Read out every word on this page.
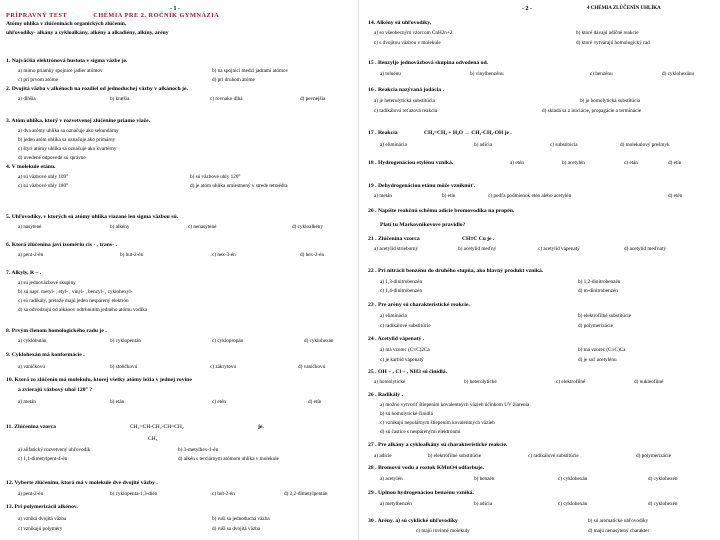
- 1 -
PRÍPRAVNÝ TEST	CHÉMIA PRE 2. ROČNÍK GYMNÁZIA
Atómy uhlíka v zlúčeninách organických zlúčenín,
uhľovodíky- alkány a cykloalkány, alkény a alkadiény, alkíny, arény
1. Najväčšia elektrónová hustota v sigma väzbe je.
a) mimo priamky spojnice jadier atómov	b) na spojnici medzi jadrami atómov
c) pri prvom atóme	d) pri druhom atóme
2. Dvojitá väzba v alkénoch na rozdiel od jednoduchej väzby v alkánoch je.
a) dlhšia	b) kratšia	c) rovnako dlhá	d) pevnejšia
3. Atóm uhlíka, ktorý v rozvetvenej zlúčenine priamo viaže.
a) dva atómy uhlíka sa označuje ako sekundárny
b) jeden atóm uhlíka sa označuje ako primárny
c) štyri atómy uhlíka sa označuje ako kvartérny
d) uvedené odpovede sú správne
4. V molekule etánu.
a) sú väzbové uhly 109°	b) sú väzbové uhly 120°
c) sú väzbové uhly 180°	d) je atóm uhlíka umiestnený v strede tetraédra
5. Uhľovodíky, v ktorých sú atómy uhlíka viazané len sigma väzbou sú.
a) nasýtené	b) alkény	c) nenasýtené	d) cykloalkény
6. Ktorá zlúčenina javí izomériu cis - , trans- .
a) pent-2-én	b) but-2-én	c) hex-3-én	d) hex-2-én
7. Alkyly, R – .
a) sú jednoväzbové skupiny
b) sú napr. metyl- , etyl- , vinyl- , benzyl- , cyklohexyl-
c) sú radikály, pretože majú jeden nespárený elektrón
d) sa odvodzujú od alkánov odtrhnutím jedného atómu vodíka
8. Prvým členom homologického radu je .
a) cyklobután	b) cyklopentán	c) cyklopropán	d) cyklohexán
9. Cyklohexán má konformácie .
a) vaničkovú	b) stoličkovú	c) zákrytovú	d) vaničkovú
10. Ktorá zo zlúčenín má molekulu, ktorej všetky atómy ležia v jednej rovine
a zvierajú väzbový uhol 120° ?
a) metán	b) etán	c) etén	d) etín
11. Zlúčenina vzorca	CH₂=CH-CH₂-CH=CH₂
CH₃
je.
a) alifatický rozvetvený uhľovodík	b) 3-metylhex-1-én
c) 1,1-dimetylpent-4-én	d) alkén s terciárnym atómom uhlíka v molekule
12. Vyberte zlúčeninu, ktorá má v molekule dve dvojité väzby .
a) pent-2-én	b) cyklopenta-1,3-dién	c) but-2-én	d) 2,2-dimetylpentán
13. Pri polymerizácii alkénov.
a) vzniká dvojitá väzba	b) ruší sa jednoduchá väzba
c) vznikajú polyméry	d) ruší sa dvojitá väzba
- 2 -	4 CHÉMIA ZLÚČENÍN UHLÍKA
14. Alkény sú uhľovodíky,
a) so všeobecným vzorcom CnH2n+2	b) ktoré dávajú adičné reakcie
c) s dvojitou väzbou v molekule	d) ktoré vytvárajú homologický rad
15 . Benzylje jednoväzbová skupina odvodená od.
a) toluénu	b) vinylbenzénu	c) benzénu	d) cyklohexánu
16 . Reakcia nazývaná jodácia .
a) je heterolytická substitúcia	b) je homolytická substitúcia
c) radikálová reťazová reakcia	d) skladá sa z iniciácie, propagácie a terminácie
17 . Reakcia	CH₂=CH₂ + H₂O → CH₃-CH₂-OH je .
a) eliminácia	b) adícia	c) substitúcia	d) molekulový prešmyk
18 . Hydrogenáciou etylénu vzniká.	a) etén	b) acetylén	c) etán	d) etín
19 . Dehydrogenáciou etánu môže vzniknúť.
a) metán	b) etín	c) podľa podmienok etén alebo acetylén	d) etén
20 . Napíšte reakčnú schému adície bromovodíka na propén.
Platí tu Markovnikovove pravidlo?
21 . Zlúčenina vzorca	CH≡C Cu je .
a) acetylid strieborný	b) acetylid meďný	c) acetylid vápenatý	d) acetylid meďnatý
22 . Pri nitrácii benzénu do druhého stupňa, ako hlavný produkt vzniká.
a) 1,3-dinitrobenzén	b) 1,2-dinitrobenzén
c) 1,4-dinitrobenzén	d) m-dinitrobenzén
23 . Pre arény sú charakteristické reakcie.
a) eliminácia	b) elektrofilné substitúcie
c) radikálové substitúcie	d) polymerizácie
24 . Acetylid vápenatý .
a) má vzorec (C≡C)2Ca	b) má vzorec (C≡C)Ca
c) je karbid vápenatý	d) je soľ acetylénu
25 . OH – , Cl – , NH3 sú činidlá.
a) homolytické	b) heterolytické	c) elektrofilné	d) nukleofilné
26 . Radikály .
a) možno vytvoriť štiepením kovalentných väzieb účinkom UV žiarenia
b) sú homolytické činidlá
c) vznikajú nepolárnym štiepením kovalentných väzieb
d) sú častice s nespárenými elektrónmi
27 . Pre alkány a cykloalkány sú charakteristické reakcie.
a) adície	b) elektrofilné substitúcie	c) radikálové substitúcie	d) polymerizácie
28 . Bromovú vodu a roztok KMnO4 odfarbuje.
a) acetylén	b) benzén	c) cyklohexán	d) cyklohexén
29 . Uplnou hydrogenáciou benzénu vzniká.
a) metylbenzén	b) adícia	c) cyklohexán	d) cyklohexén
30 . Arény. a) sú cyklické uhľovodíky	b) sú aromatické uhľovodíky
c) majú rovinné molekuly	d) majú nenasýtený charakter
